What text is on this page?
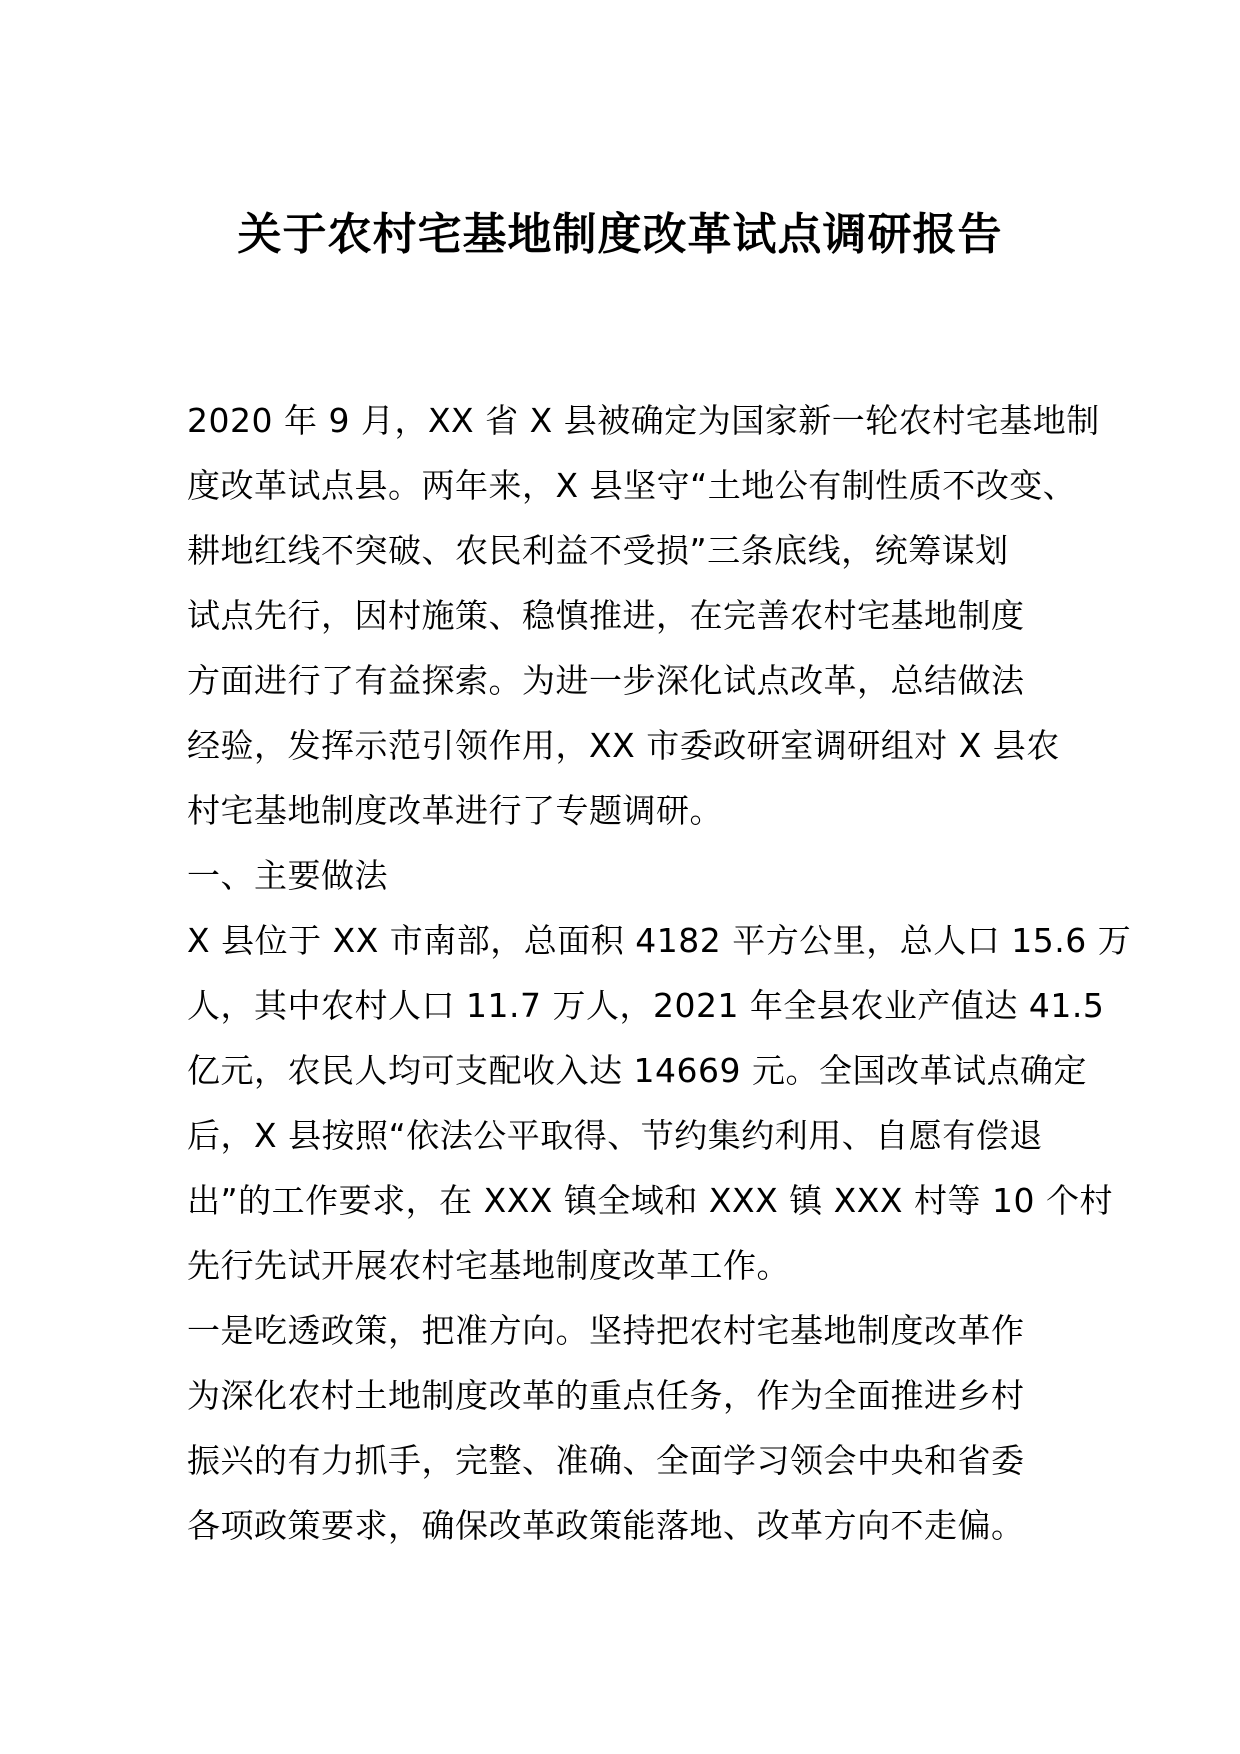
关于农村宅基地制度改革试点调研报告
2020 年 9 月，XX 省 X 县被确定为国家新一轮农村宅基地制
度改革试点县。两年来，X 县坚守“土地公有制性质不改变、
耕地红线不突破、农民利益不受损”三条底线，统筹谋划
试点先行，因村施策、稳慎推进，在完善农村宅基地制度
方面进行了有益探索。为进一步深化试点改革，总结做法
经验，发挥示范引领作用，XX 市委政研室调研组对 X 县农
村宅基地制度改革进行了专题调研。
一、主要做法
X 县位于 XX 市南部，总面积 4182 平方公里，总人口 15.6 万
人，其中农村人口 11.7 万人，2021 年全县农业产值达 41.5
亿元，农民人均可支配收入达 14669 元。全国改革试点确定
后，X 县按照“依法公平取得、节约集约利用、自愿有偿退
出”的工作要求，在 XXX 镇全域和 XXX 镇 XXX 村等 10 个村
先行先试开展农村宅基地制度改革工作。
一是吃透政策，把准方向。坚持把农村宅基地制度改革作
为深化农村土地制度改革的重点任务，作为全面推进乡村
振兴的有力抓手，完整、准确、全面学习领会中央和省委
各项政策要求，确保改革政策能落地、改革方向不走偏。
